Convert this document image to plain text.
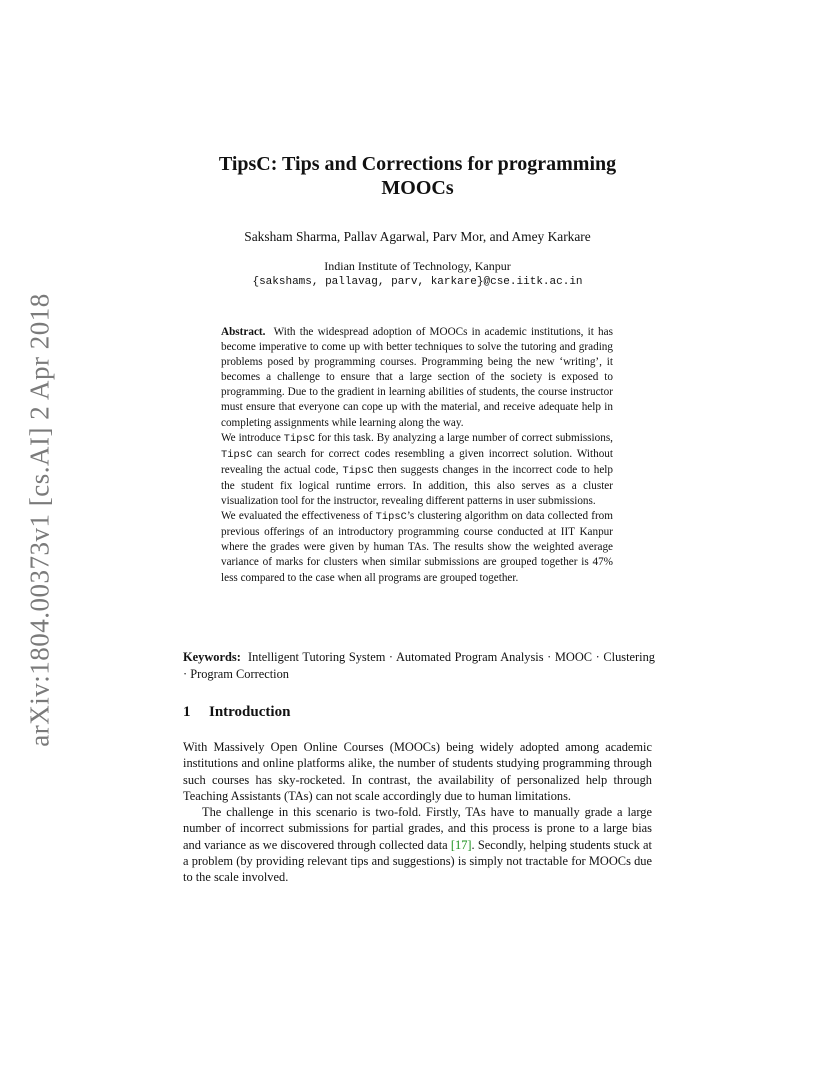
arXiv:1804.00373v1 [cs.AI] 2 Apr 2018
TipsC: Tips and Corrections for programming
MOOCs
Saksham Sharma, Pallav Agarwal, Parv Mor, and Amey Karkare
Indian Institute of Technology, Kanpur
{sakshams, pallavag, parv, karkare}@cse.iitk.ac.in

Abstract. With the widespread adoption of MOOCs in academic institutions, it has become imperative to come up with better techniques to solve the tutoring and grading problems posed by programming courses. Programming being the new ‘writing’, it becomes a challenge to ensure that a large section of the society is exposed to programming. Due to the gradient in learning abilities of students, the course instructor must ensure that everyone can cope up with the material, and receive adequate help in completing assignments while learning along the way.

We introduce TipsC for this task. By analyzing a large number of correct submissions, TipsC can search for correct codes resembling a given incorrect solution. Without revealing the actual code, TipsC then suggests changes in the incorrect code to help the student fix logical runtime errors. In addition, this also serves as a cluster visualization tool for the instructor, revealing different patterns in user submissions.

We evaluated the effectiveness of TipsC’s clustering algorithm on data collected from previous offerings of an introductory programming course conducted at IIT Kanpur where the grades were given by human TAs. The results show the weighted average variance of marks for clusters when similar submissions are grouped together is 47% less compared to the case when all programs are grouped together.

Keywords: Intelligent Tutoring System · Automated Program Analysis · MOOC · Clustering · Program Correction
1 Introduction

With Massively Open Online Courses (MOOCs) being widely adopted among academic institutions and online platforms alike, the number of students studying programming through such courses has sky-rocketed. In contrast, the availability of personalized help through Teaching Assistants (TAs) can not scale accordingly due to human limitations.

The challenge in this scenario is two-fold. Firstly, TAs have to manually grade a large number of incorrect submissions for partial grades, and this process is prone to a large bias and variance as we discovered through collected data [17]. Secondly, helping students stuck at a problem (by providing relevant tips and suggestions) is simply not tractable for MOOCs due to the scale involved.
